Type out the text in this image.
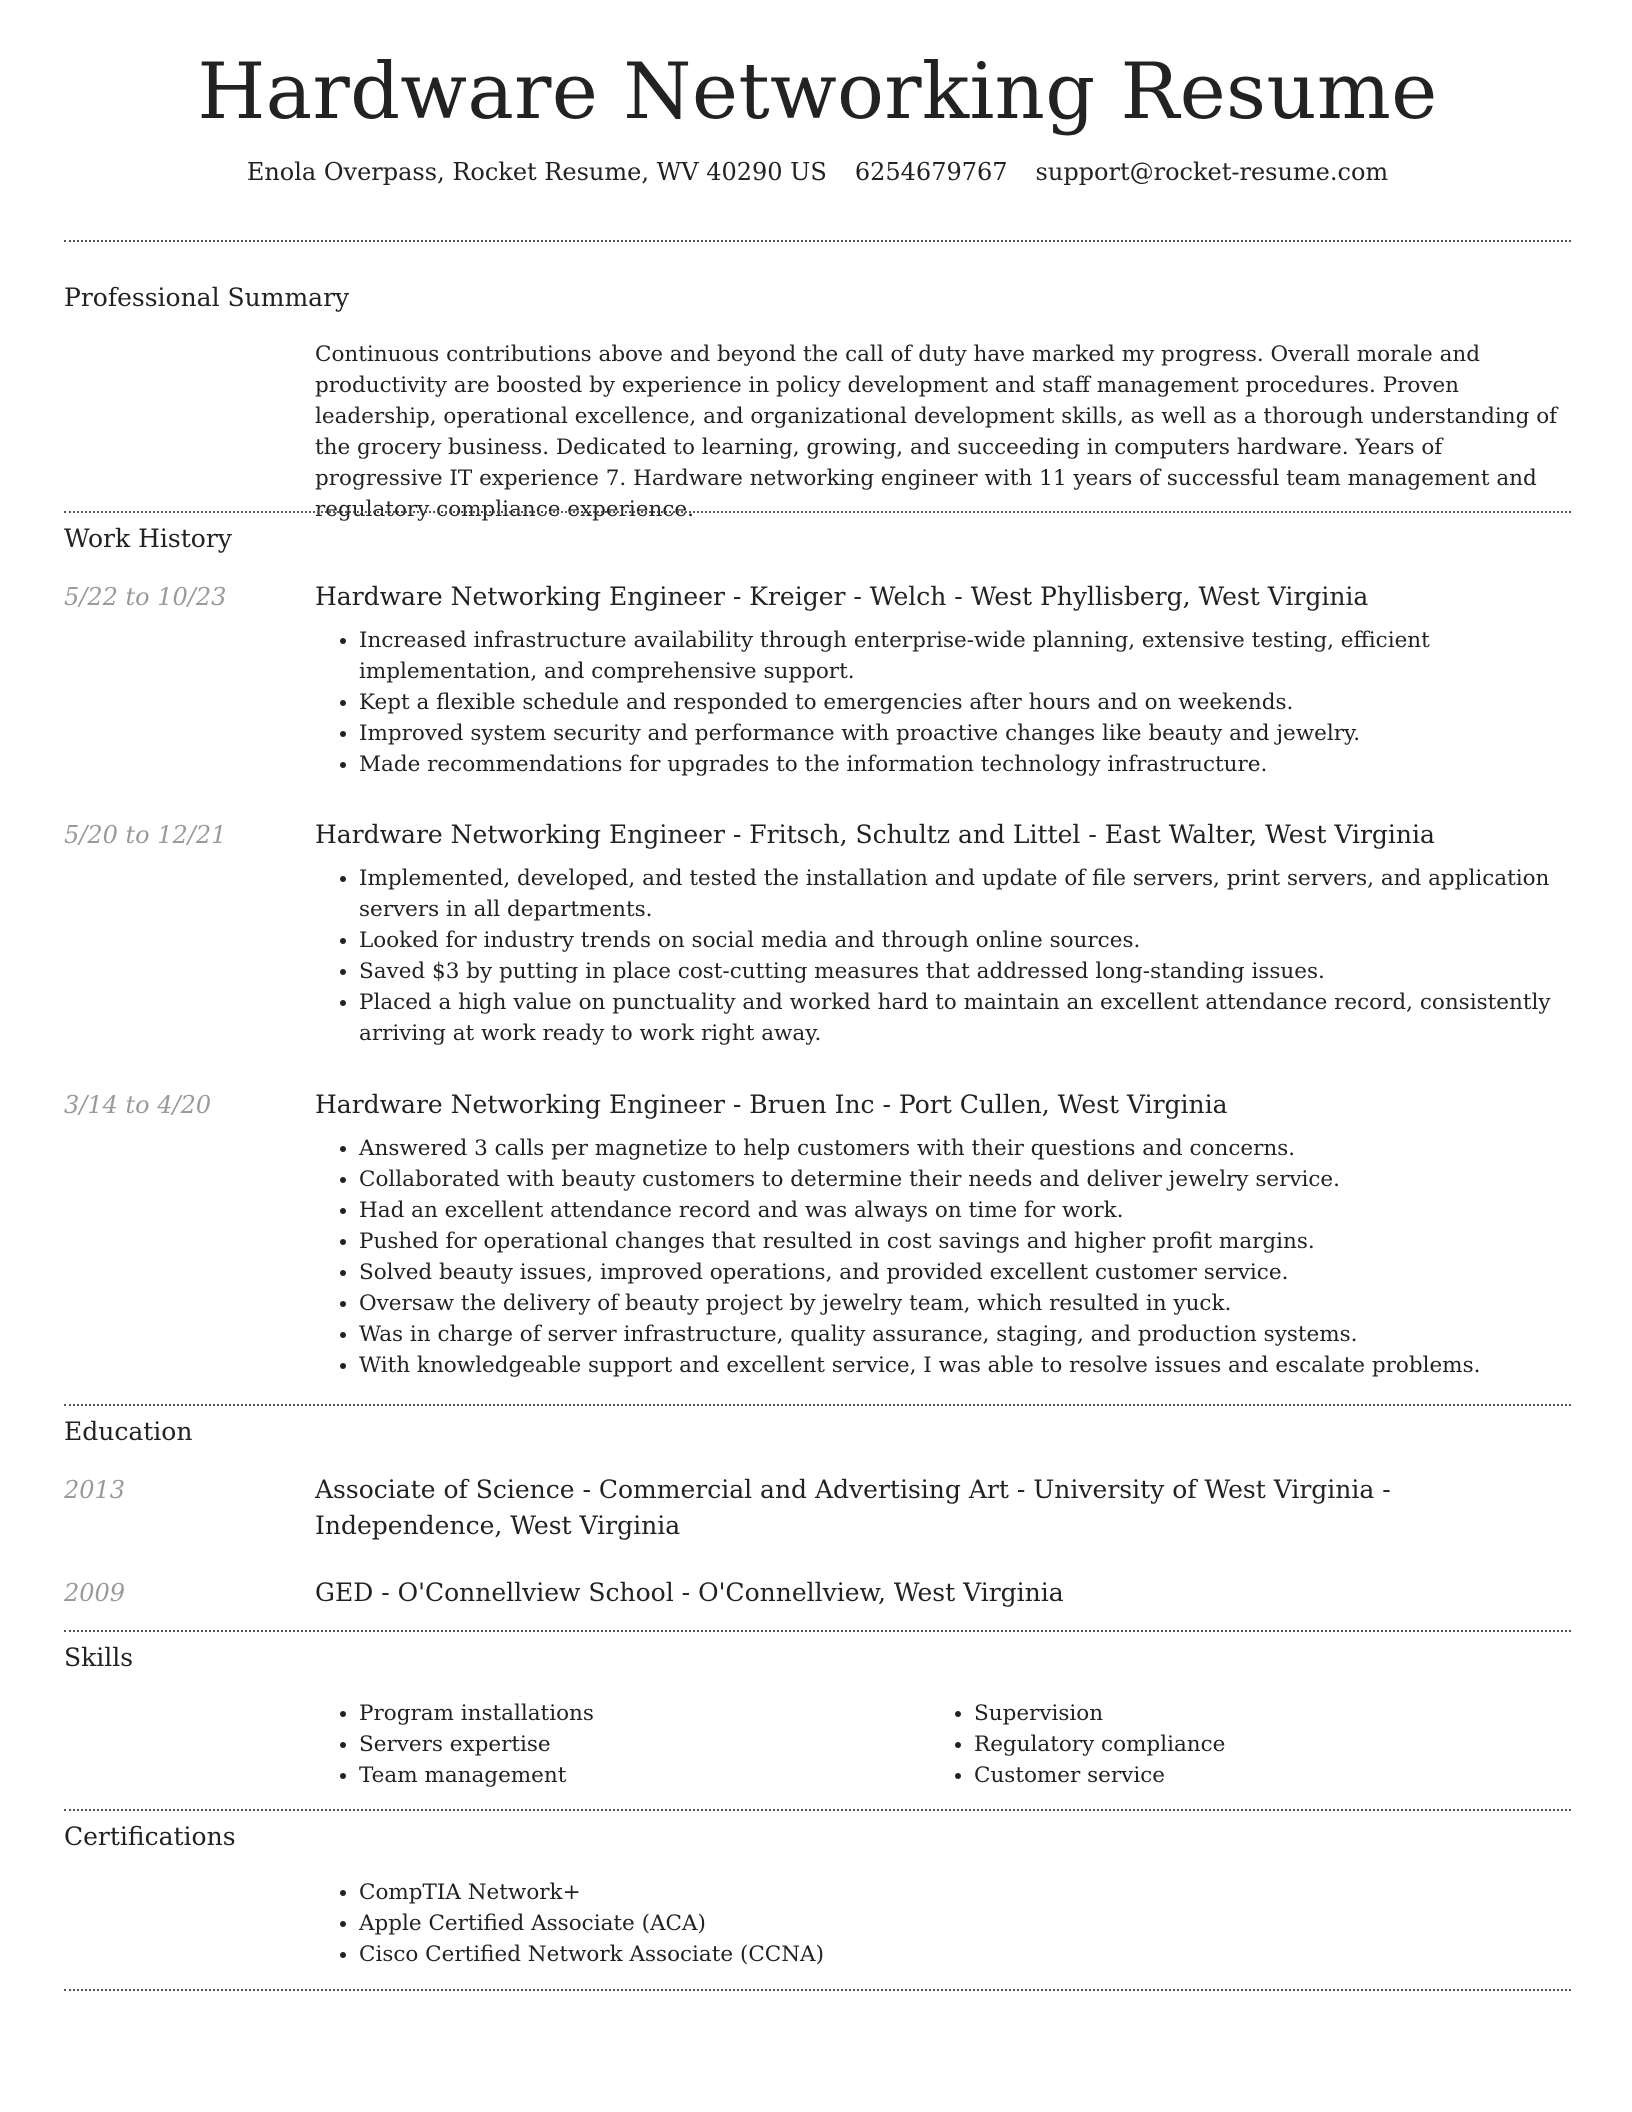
Hardware Networking Resume
Enola Overpass, Rocket Resume, WV 40290 US 6254679767 support@rocket-resume.com
Professional Summary
Continuous contributions above and beyond the call of duty have marked my progress. Overall morale and productivity are boosted by experience in policy development and staff management procedures. Proven leadership, operational excellence, and organizational development skills, as well as a thorough understanding of the grocery business. Dedicated to learning, growing, and succeeding in computers hardware. Years of progressive IT experience 7. Hardware networking engineer with 11 years of successful team management and regulatory compliance experience.
Work History
5/22 to 10/23	Hardware Networking Engineer - Kreiger - Welch - West Phyllisberg, West Virginia
• Increased infrastructure availability through enterprise-wide planning, extensive testing, efficient implementation, and comprehensive support.
• Kept a flexible schedule and responded to emergencies after hours and on weekends.
• Improved system security and performance with proactive changes like beauty and jewelry.
• Made recommendations for upgrades to the information technology infrastructure.
5/20 to 12/21	Hardware Networking Engineer - Fritsch, Schultz and Littel - East Walter, West Virginia
• Implemented, developed, and tested the installation and update of file servers, print servers, and application servers in all departments.
• Looked for industry trends on social media and through online sources.
• Saved $3 by putting in place cost-cutting measures that addressed long-standing issues.
• Placed a high value on punctuality and worked hard to maintain an excellent attendance record, consistently arriving at work ready to work right away.
3/14 to 4/20	Hardware Networking Engineer - Bruen Inc - Port Cullen, West Virginia
• Answered 3 calls per magnetize to help customers with their questions and concerns.
• Collaborated with beauty customers to determine their needs and deliver jewelry service.
• Had an excellent attendance record and was always on time for work.
• Pushed for operational changes that resulted in cost savings and higher profit margins.
• Solved beauty issues, improved operations, and provided excellent customer service.
• Oversaw the delivery of beauty project by jewelry team, which resulted in yuck.
• Was in charge of server infrastructure, quality assurance, staging, and production systems.
• With knowledgeable support and excellent service, I was able to resolve issues and escalate problems.
Education
2013	Associate of Science - Commercial and Advertising Art - University of West Virginia - Independence, West Virginia
2009	GED - O'Connellview School - O'Connellview, West Virginia
Skills
• Program installations
• Servers expertise
• Team management
• Supervision
• Regulatory compliance
• Customer service
Certifications
• CompTIA Network+
• Apple Certified Associate (ACA)
• Cisco Certified Network Associate (CCNA)
